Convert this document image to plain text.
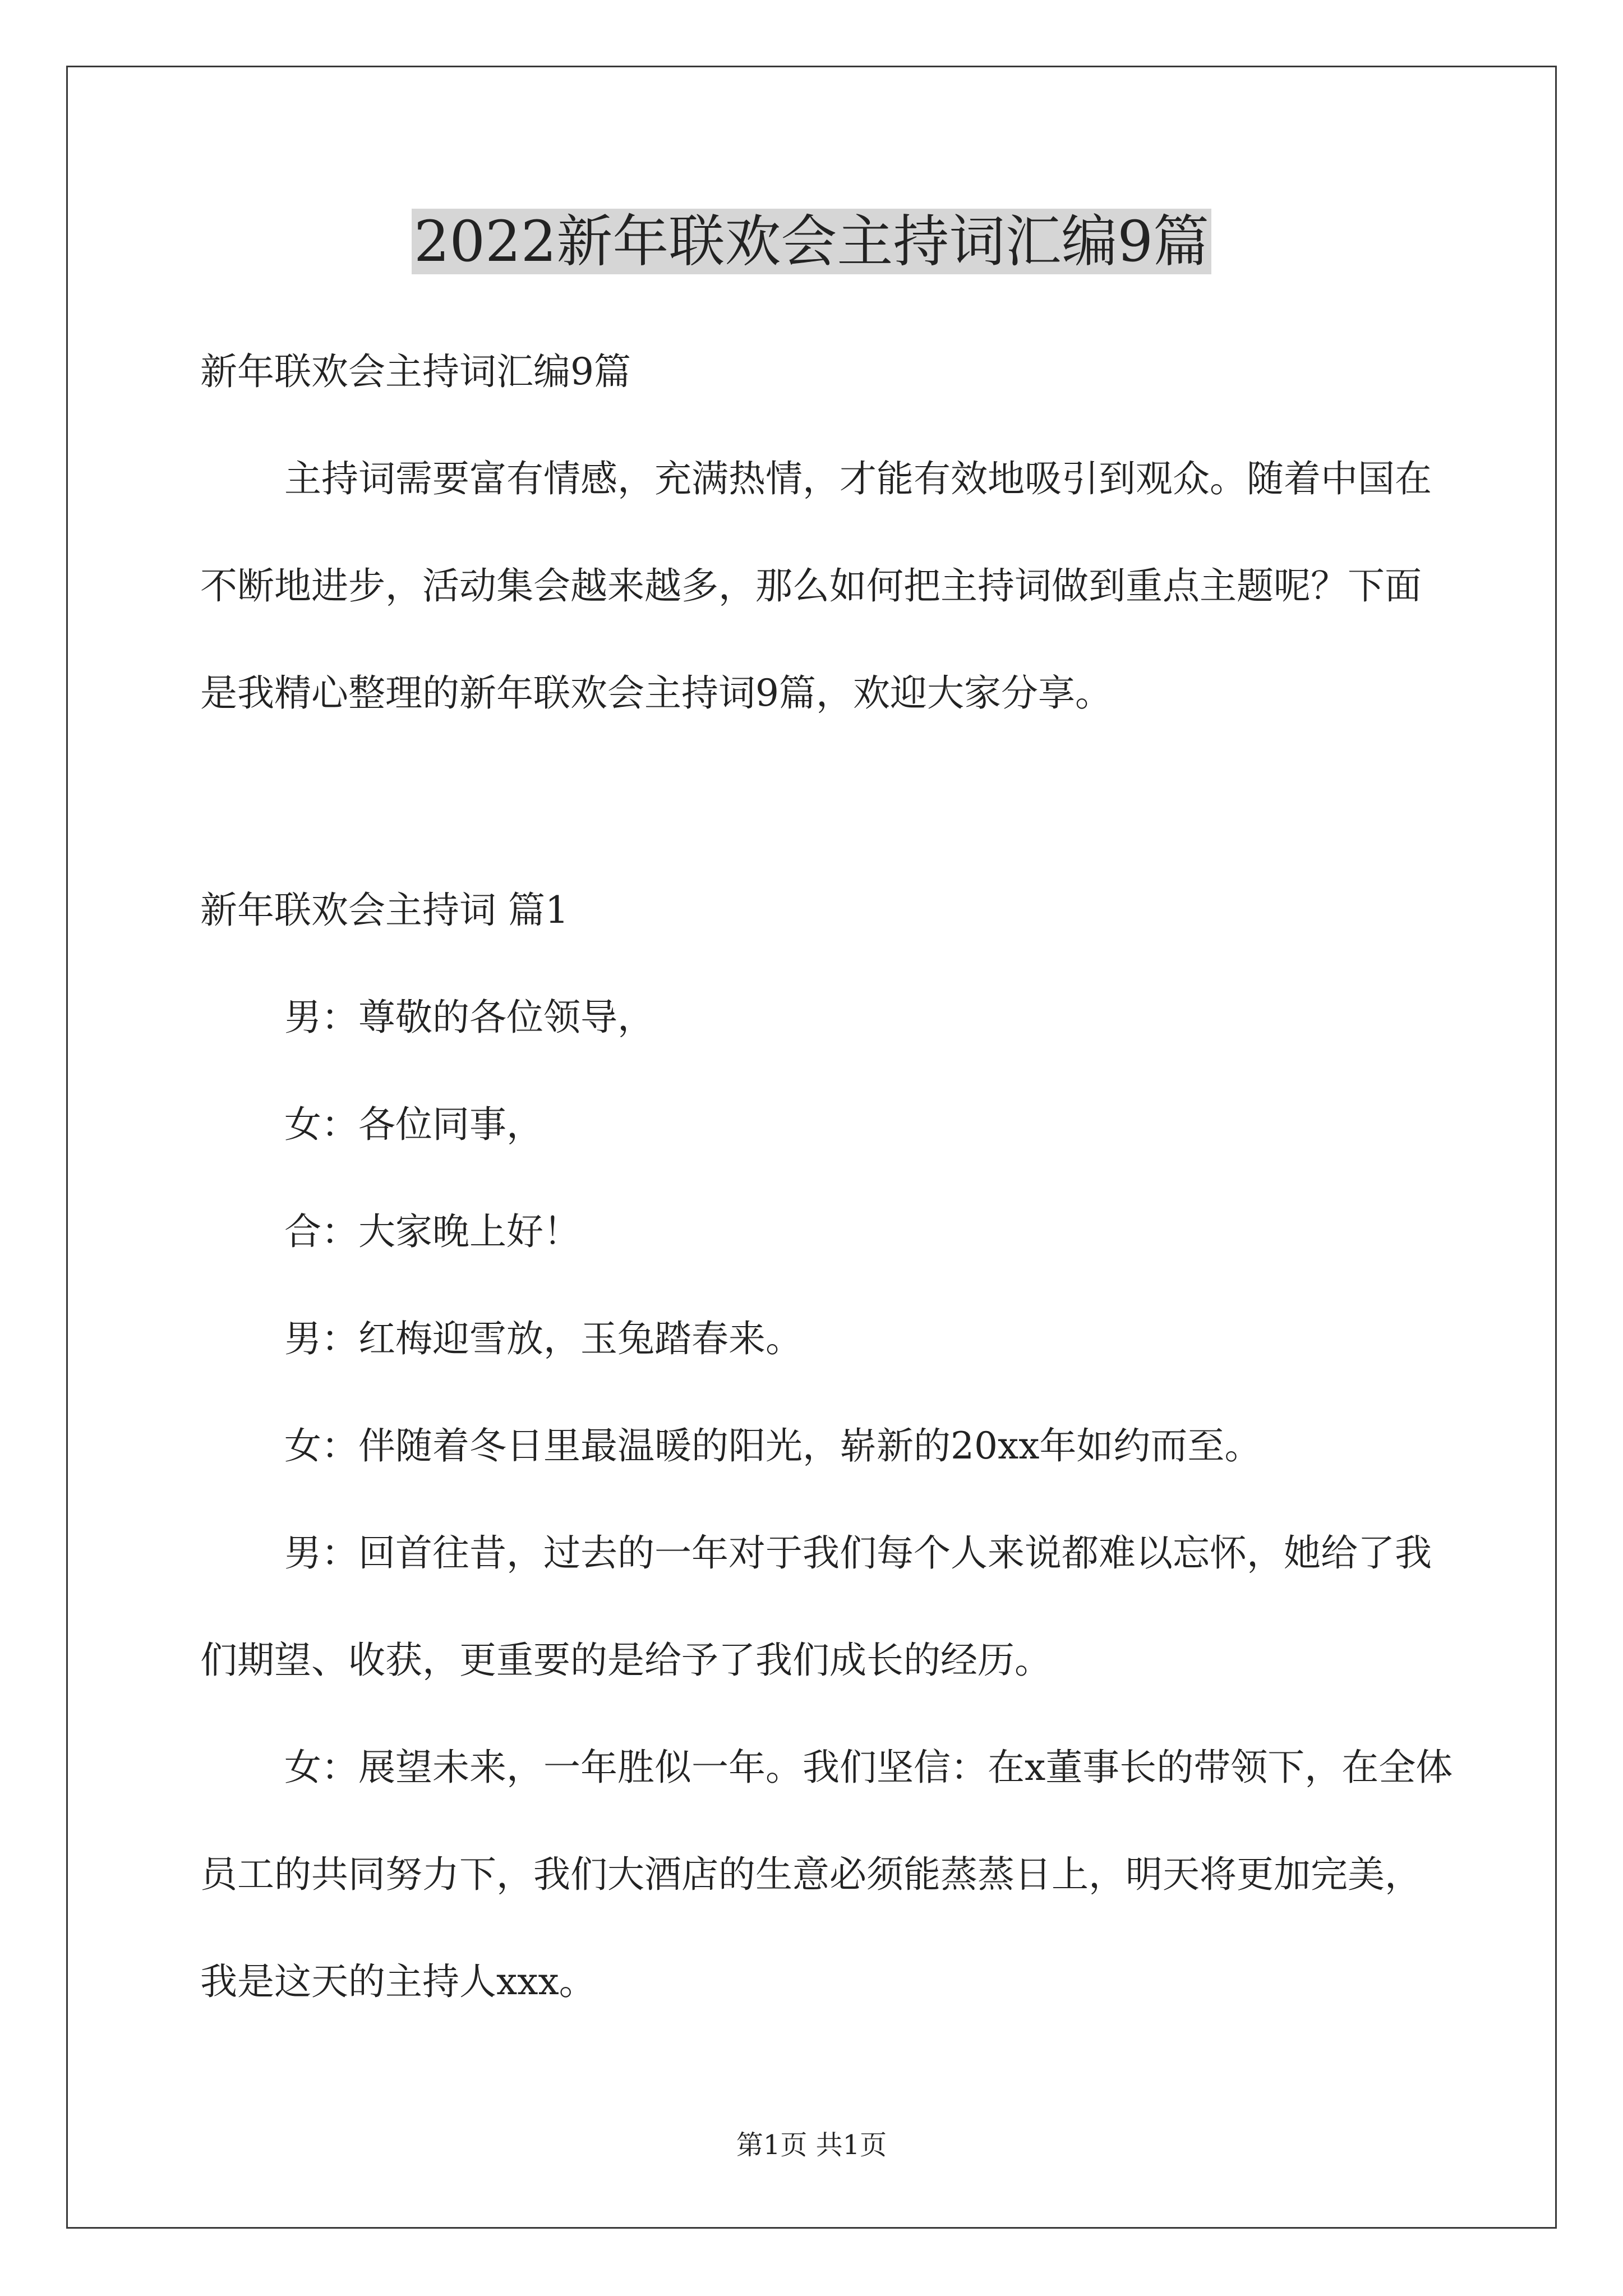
2022新年联欢会主持词汇编9篇

新年联欢会主持词汇编9篇

主持词需要富有情感，充满热情，才能有效地吸引到观众。随着中国在不断地进步，活动集会越来越多，那么如何把主持词做到重点主题呢？下面是我精心整理的新年联欢会主持词9篇，欢迎大家分享。

新年联欢会主持词 篇1

男：尊敬的各位领导，

女：各位同事，

合：大家晚上好！

男：红梅迎雪放，玉兔踏春来。

女：伴随着冬日里最温暖的阳光，崭新的20xx年如约而至。

男：回首往昔，过去的一年对于我们每个人来说都难以忘怀，她给了我们期望、收获，更重要的是给予了我们成长的经历。

女：展望未来，一年胜似一年。我们坚信：在x董事长的带领下，在全体员工的共同努力下，我们大酒店的生意必须能蒸蒸日上，明天将更加完美，我是这天的主持人xxx。

第1页 共1页
